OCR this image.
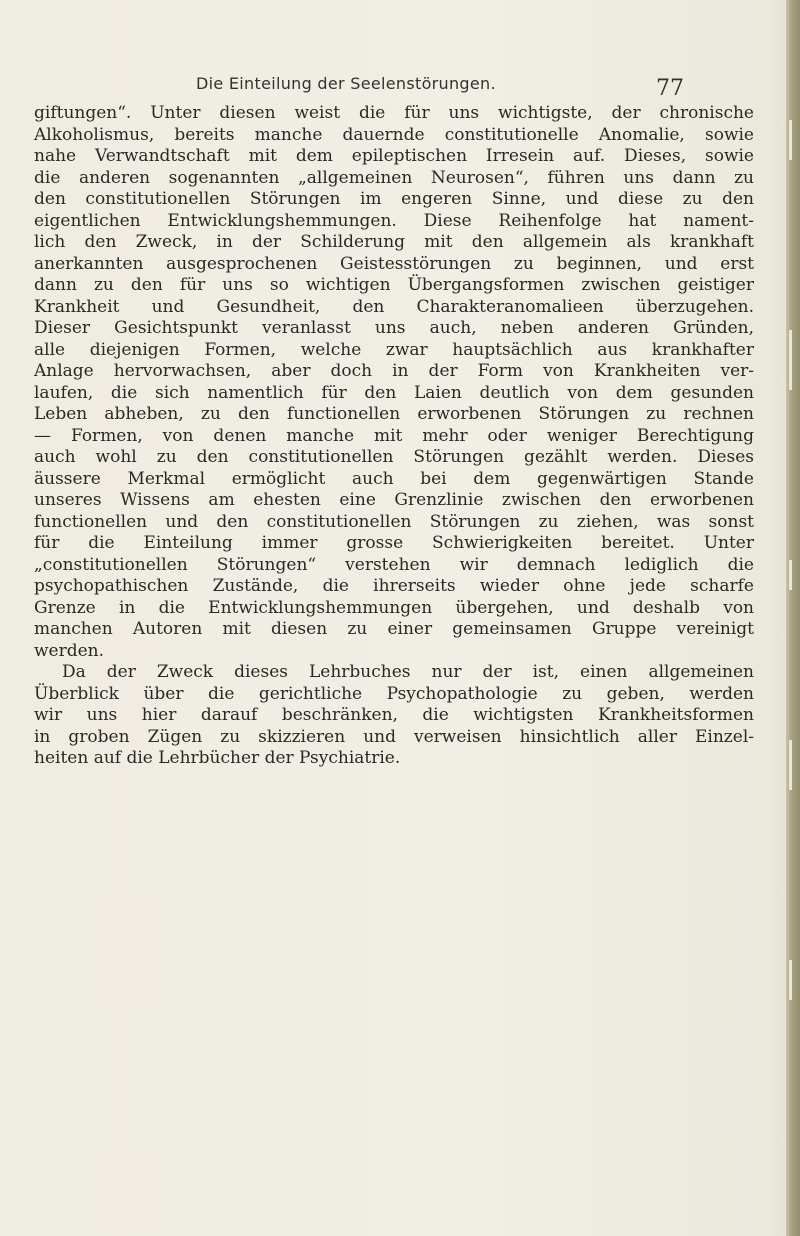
Die Einteilung der Seelenstörungen.	77
giftungen“. Unter diesen weist die für uns wichtigste, der chronische
Alkoholismus, bereits manche dauernde constitutionelle Anomalie, sowie
nahe Verwandtschaft mit dem epileptischen Irresein auf. Dieses, sowie
die anderen sogenannten „allgemeinen Neurosen“, führen uns dann zu
den constitutionellen Störungen im engeren Sinne, und diese zu den
eigentlichen Entwicklungshemmungen. Diese Reihenfolge hat nament-
lich den Zweck, in der Schilderung mit den allgemein als krankhaft
anerkannten ausgesprochenen Geistesstörungen zu beginnen, und erst
dann zu den für uns so wichtigen Übergangsformen zwischen geistiger
Krankheit und Gesundheit, den Charakteranomalieen überzugehen.
Dieser Gesichtspunkt veranlasst uns auch, neben anderen Gründen,
alle diejenigen Formen, welche zwar hauptsächlich aus krankhafter
Anlage hervorwachsen, aber doch in der Form von Krankheiten ver-
laufen, die sich namentlich für den Laien deutlich von dem gesunden
Leben abheben, zu den functionellen erworbenen Störungen zu rechnen
— Formen, von denen manche mit mehr oder weniger Berechtigung
auch wohl zu den constitutionellen Störungen gezählt werden. Dieses
äussere Merkmal ermöglicht auch bei dem gegenwärtigen Stande
unseres Wissens am ehesten eine Grenzlinie zwischen den erworbenen
functionellen und den constitutionellen Störungen zu ziehen, was sonst
für die Einteilung immer grosse Schwierigkeiten bereitet. Unter
„constitutionellen Störungen“ verstehen wir demnach lediglich die
psychopathischen Zustände, die ihrerseits wieder ohne jede scharfe
Grenze in die Entwicklungshemmungen übergehen, und deshalb von
manchen Autoren mit diesen zu einer gemeinsamen Gruppe vereinigt
werden.
Da der Zweck dieses Lehrbuches nur der ist, einen allgemeinen
Überblick über die gerichtliche Psychopathologie zu geben, werden
wir uns hier darauf beschränken, die wichtigsten Krankheitsformen
in groben Zügen zu skizzieren und verweisen hinsichtlich aller Einzel-
heiten auf die Lehrbücher der Psychiatrie.
